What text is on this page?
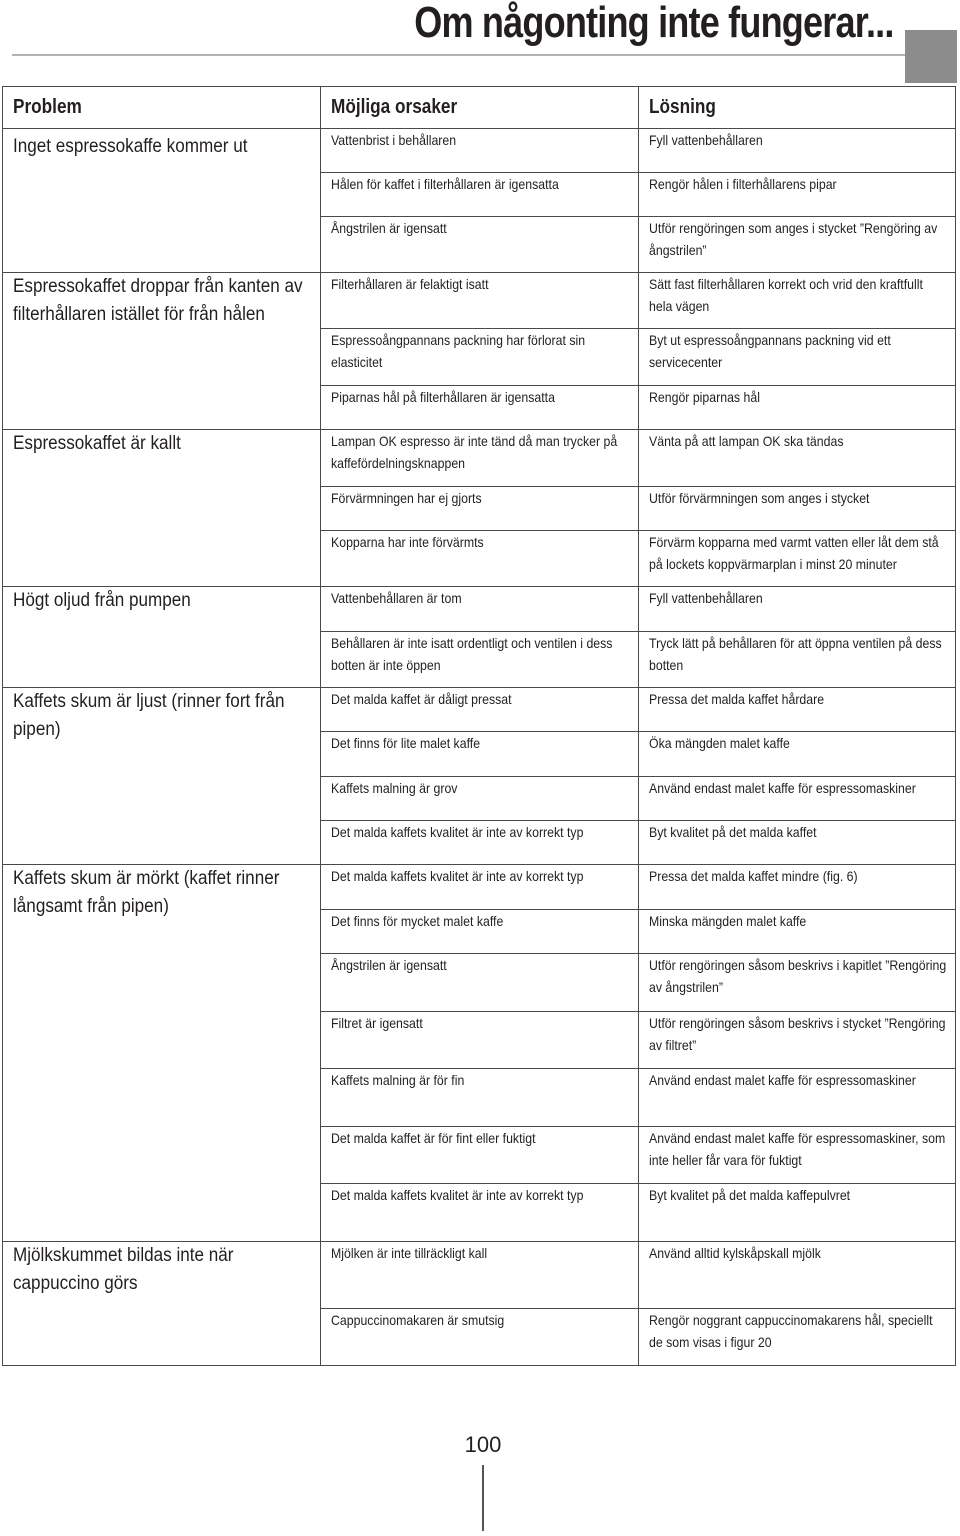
Om någonting inte fungerar...
Problem	Möjliga orsaker	Lösning

Inget espressokaffe kommer ut	Vattenbrist i behållaren	Fyll vattenbehållaren

	Hålen för kaffet i filterhållaren är igensatta	Rengör hålen i filterhållarens pipar

	Ångstrilen är igensatt	Utför rengöringen som anges i stycket ”Rengöring av ångstrilen”

Espressokaffet droppar från kanten av filterhållaren istället för från hålen	Filterhållaren är felaktigt isatt	Sätt fast filterhållaren korrekt och vrid den kraftfullt hela vägen

	Espressoångpannans packning har förlorat sin elasticitet	Byt ut espressoångpannans packning vid ett servicecenter

	Piparnas hål på filterhållaren är igensatta	Rengör piparnas hål

Espressokaffet är kallt	Lampan OK espresso är inte tänd då man trycker på kaffefördelningsknappen	Vänta på att lampan OK ska tändas

	Förvärmningen har ej gjorts	Utför förvärmningen som anges i stycket

	Kopparna har inte förvärmts	Förvärm kopparna med varmt vatten eller låt dem stå på lockets koppvärmarplan i minst 20 minuter

Högt oljud från pumpen	Vattenbehållaren är tom	Fyll vattenbehållaren

	Behållaren är inte isatt ordentligt och ventilen i dess botten är inte öppen	Tryck lätt på behållaren för att öppna ventilen på dess botten

Kaffets skum är ljust (rinner fort från pipen)	Det malda kaffet är dåligt pressat	Pressa det malda kaffet hårdare

	Det finns för lite malet kaffe	Öka mängden malet kaffe

	Kaffets malning är grov	Använd endast malet kaffe för espressomaskiner

	Det malda kaffets kvalitet är inte av korrekt typ	Byt kvalitet på det malda kaffet

Kaffets skum är mörkt (kaffet rinner långsamt från pipen)	Det malda kaffets kvalitet är inte av korrekt typ	Pressa det malda kaffet mindre (fig. 6)

	Det finns för mycket malet kaffe	Minska mängden malet kaffe

	Ångstrilen är igensatt	Utför rengöringen såsom beskrivs i kapitlet ”Rengöring av ångstrilen”

	Filtret är igensatt	Utför rengöringen såsom beskrivs i stycket ”Rengöring av filtret”

	Kaffets malning är för fin	Använd endast malet kaffe för espressomaskiner

	Det malda kaffet är för fint eller fuktigt	Använd endast malet kaffe för espressomaskiner, som inte heller får vara för fuktigt

	Det malda kaffets kvalitet är inte av korrekt typ	Byt kvalitet på det malda kaffepulvret

Mjölkskummet bildas inte när cappuccino görs	Mjölken är inte tillräckligt kall	Använd alltid kylskåpskall mjölk

	Cappuccinomakaren är smutsig	Rengör noggrant cappuccinomakarens hål, speciellt de som visas i figur 20
100
